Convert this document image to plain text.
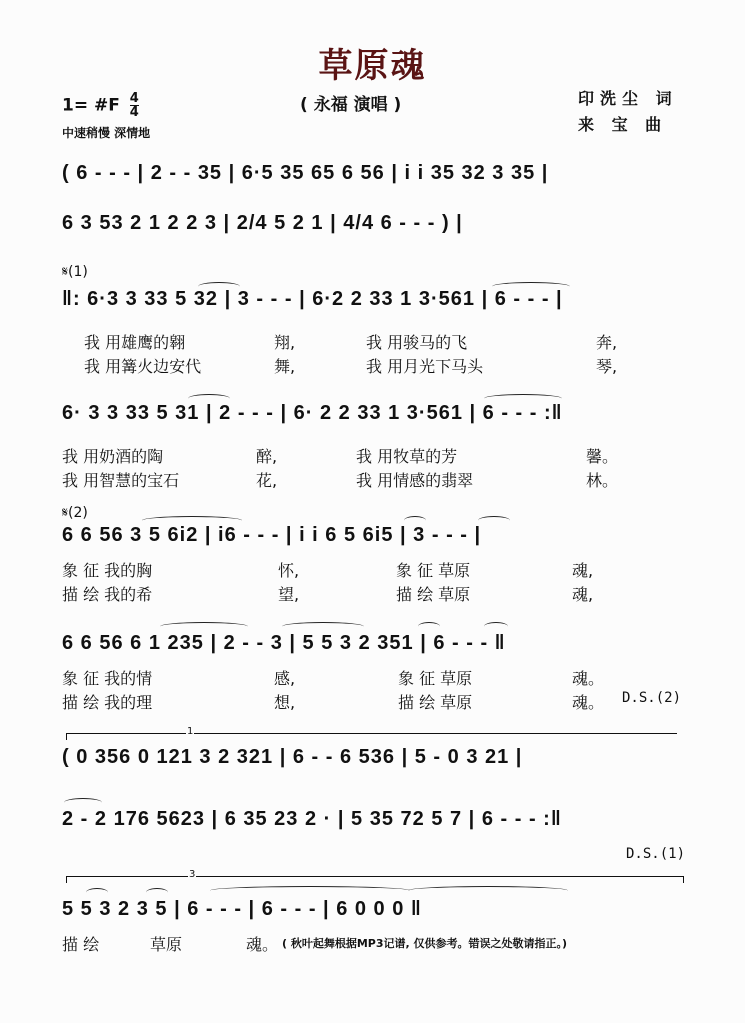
草原魂
( 永福 演唱 )
1= #F $\frac{4}{4}$
中速稍慢 深情地
印洗尘 词
来 宝 曲
( 6 - - - | 2 - - 35 | 6·5 35 65 6 56 | i i 35 32 3 35 |
6 3 53 2 1 2 2 3 | 2/4 5 2 1 | 4/4 6 - - - ) |
𝄋(1)
‖: 6·3 3 33 5 32 | 3 - - - | 6·2 2 33 1 3·561 | 6 - - - |
我 用雄鹰的翱	翔,	我 用骏马的飞	奔,
我 用篝火边安代	舞,	我 用月光下马头	琴,
6· 3 3 33 5 31 | 2 - - - | 6· 2 2 33 1 3·561 | 6 - - - :‖
我 用奶酒的陶	醉,	我 用牧草的芳	馨。
我 用智慧的宝石	花,	我 用情感的翡翠	林。
𝄋(2)
6 6 56 3 5 6i2 | i6 - - - | i i 6 5 6i5 | 3 - - - |
象 征 我的胸	怀,	象 征 草原	魂,
描 绘 我的希	望,	描 绘 草原	魂,
6 6 56 6 1 235 | 2 - - 3 | 5 5 3 2 351 | 6 - - - ‖
象 征 我的情	感,	象 征 草原	魂。
描 绘 我的理	想,	描 绘 草原	魂。 D.S.(2)
1
( 0 356 0 121 3 2 321 | 6 - - 6 536 | 5 - 0 3 21 |
2 - 2 176 5623 | 6 35 23 2 · | 5 35 72 5 7 | 6 - - - :‖
D.S.(1)
3
5 5 3 2 3 5 | 6 - - - | 6 - - - | 6 0 0 0 ‖
描 绘	草原	魂。 ( 秋叶起舞根据MP3记谱, 仅供参考。错误之处敬请指正。)
